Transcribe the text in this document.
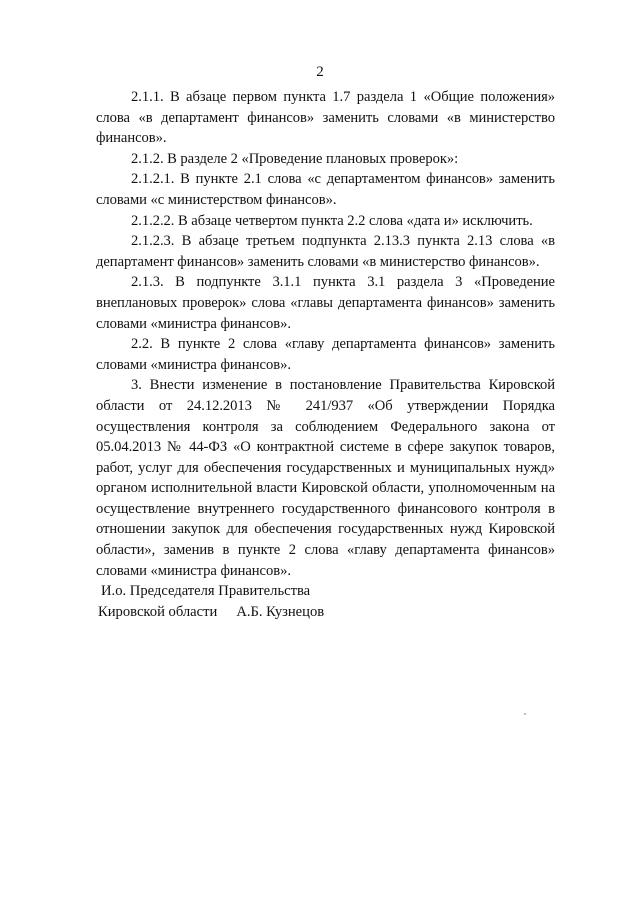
2

2.1.1. В абзаце первом пункта 1.7 раздела 1 «Общие положения» слова «в департамент финансов» заменить словами «в министерство финансов».

2.1.2. В разделе 2 «Проведение плановых проверок»:

2.1.2.1. В пункте 2.1 слова «с департаментом финансов» заменить словами «с министерством финансов».

2.1.2.2. В абзаце четвертом пункта 2.2 слова «дата и» исключить.

2.1.2.3. В абзаце третьем подпункта 2.13.3 пункта 2.13 слова «в департамент финансов» заменить словами «в министерство финансов».

2.1.3. В подпункте 3.1.1 пункта 3.1 раздела 3 «Проведение внеплановых проверок» слова «главы департамента финансов» заменить словами «министра финансов».

2.2. В пункте 2 слова «главу департамента финансов» заменить словами «министра финансов».

3. Внести изменение в постановление Правительства Кировской области от 24.12.2013 № 241/937 «Об утверждении Порядка осуществления контроля за соблюдением Федерального закона от 05.04.2013 № 44-ФЗ «О контрактной системе в сфере закупок товаров, работ, услуг для обеспечения государственных и муниципальных нужд» органом исполнительной власти Кировской области, уполномоченным на осуществление внутреннего государственного финансового контроля в отношении закупок для обеспечения государственных нужд Кировской области», заменив в пункте 2 слова «главу департамента финансов» словами «министра финансов».

И.о. Председателя Правительства
Кировской области А.Б. Кузнецов
